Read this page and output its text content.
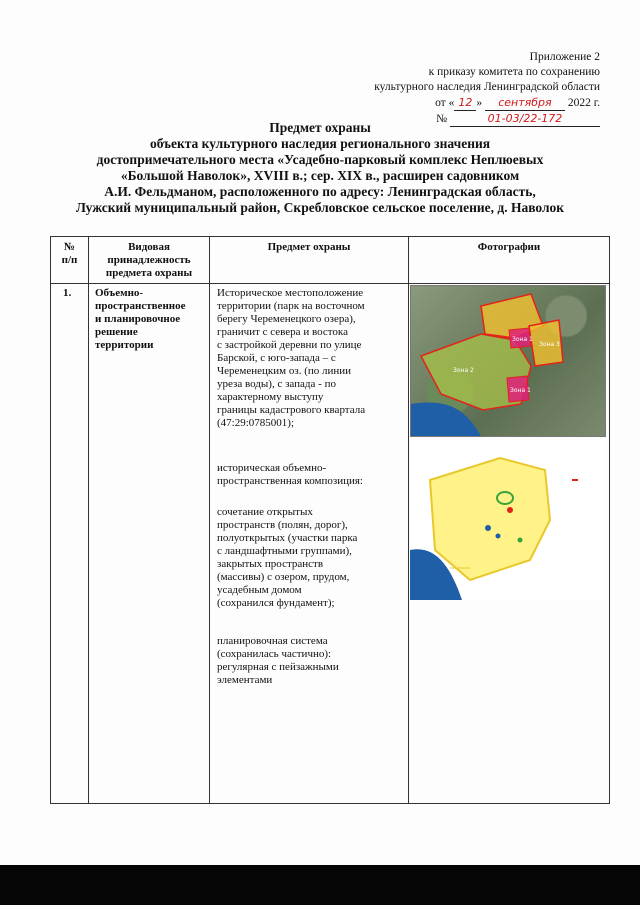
Приложение 2
к приказу комитета по сохранению
культурного наследия Ленинградской области
от « 12 » сентября 2022 г.
№	01-03/22-172
Предмет охраны
объекта культурного наследия регионального значения
достопримечательного места «Усадебно-парковый комплекс Неплюевых
«Большой Наволок», XVIII в.; сер. XIX в., расширен садовником
А.И. Фельдманом, расположенного по адресу: Ленинградская область,
Лужский муниципальный район, Скребловское сельское поселение, д. Наволок
№
п/п
Видовая
принадлежность
предмета охраны
Предмет охраны	Фотографии
1. Объемно-
пространственное
и планировочное
решение
территории
Историческое местоположение
территории (парк на восточном
берегу Череменецкого озера),
граничит с севера и востока
с застройкой деревни по улице
Барской, с юго-запада – с
Череменецким оз. (по линии
уреза воды), с запада - по
характерному выступу
границы кадастрового квартала
(47:29:0785001);
историческая объемно-
пространственная композиция:
сочетание открытых
пространств (полян, дорог),
полуоткрытых (участки парка
с ландшафтными группами),
закрытых пространств
(массивы) с озером, прудом,
усадебным домом
(сохранился фундамент);
планировочная система
(сохранилась частично):
регулярная с пейзажными
элементами
Зона 1
Зона 3
Зона 2
Зона 1
